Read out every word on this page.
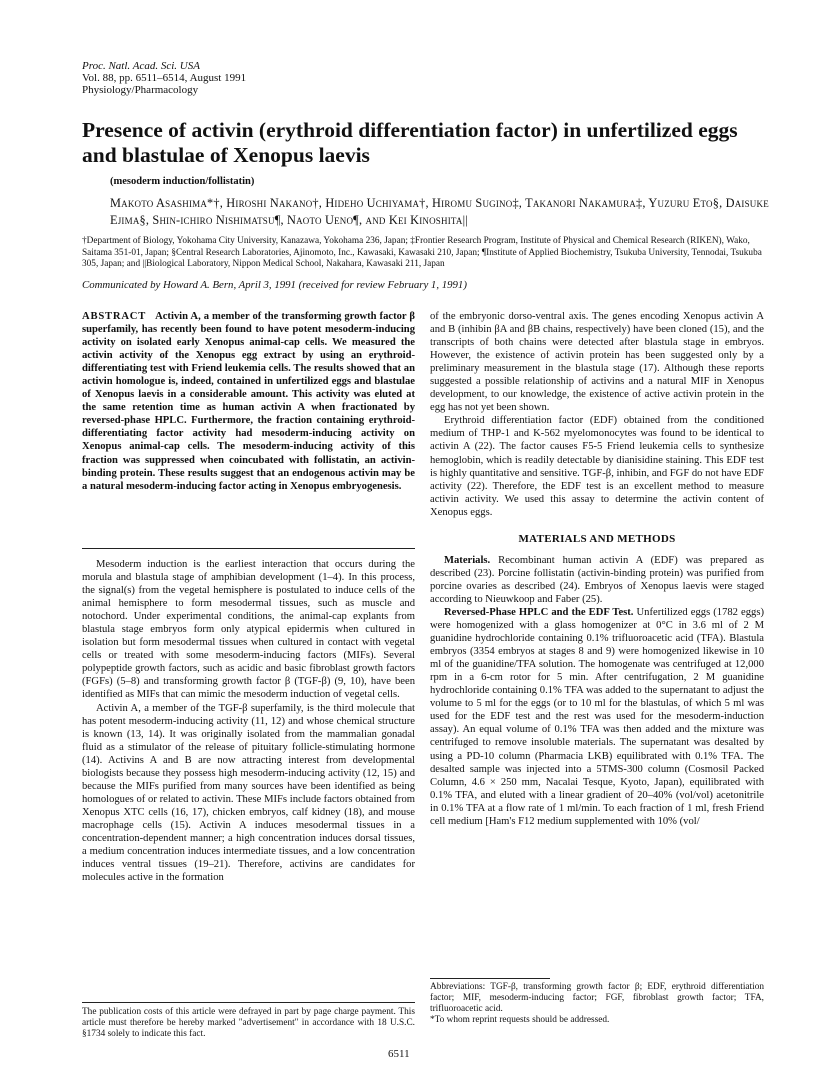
Proc. Natl. Acad. Sci. USA
Vol. 88, pp. 6511–6514, August 1991
Physiology/Pharmacology
Presence of activin (erythroid differentiation factor) in unfertilized eggs and blastulae of Xenopus laevis
(mesoderm induction/follistatin)
Makoto Asashima*†, Hiroshi Nakano†, Hideho Uchiyama†, Hiromu Sugino‡, Takanori Nakamura‡, Yuzuru Eto§, Daisuke Ejima§, Shin-ichiro Nishimatsu¶, Naoto Ueno¶, and Kei Kinoshita||
†Department of Biology, Yokohama City University, Kanazawa, Yokohama 236, Japan; ‡Frontier Research Program, Institute of Physical and Chemical Research (RIKEN), Wako, Saitama 351-01, Japan; §Central Research Laboratories, Ajinomoto, Inc., Kawasaki, Kawasaki 210, Japan; ¶Institute of Applied Biochemistry, Tsukuba University, Tennodai, Tsukuba 305, Japan; and ||Biological Laboratory, Nippon Medical School, Nakahara, Kawasaki 211, Japan
Communicated by Howard A. Bern, April 3, 1991 (received for review February 1, 1991)

ABSTRACT Activin A, a member of the transforming growth factor β superfamily, has recently been found to have potent mesoderm-inducing activity on isolated early Xenopus animal-cap cells. We measured the activin activity of the Xenopus egg extract by using an erythroid-differentiating test with Friend leukemia cells. The results showed that an activin homologue is, indeed, contained in unfertilized eggs and blastulae of Xenopus laevis in a considerable amount. This activity was eluted at the same retention time as human activin A when fractionated by reversed-phase HPLC. Furthermore, the fraction containing erythroid-differentiating factor activity had mesoderm-inducing activity on Xenopus animal-cap cells. The mesoderm-inducing activity of this fraction was suppressed when coincubated with follistatin, an activin-binding protein. These results suggest that an endogenous activin may be a natural mesoderm-inducing factor acting in Xenopus embryogenesis.

Mesoderm induction is the earliest interaction that occurs during the morula and blastula stage of amphibian development (1–4). In this process, the signal(s) from the vegetal hemisphere is postulated to induce cells of the animal hemisphere to form mesodermal tissues, such as muscle and notochord. Under experimental conditions, the animal-cap explants from blastula stage embryos form only atypical epidermis when cultured in isolation but form mesodermal tissues when cultured in contact with vegetal cells or treated with some mesoderm-inducing factors (MIFs). Several polypeptide growth factors, such as acidic and basic fibroblast growth factors (FGFs) (5–8) and transforming growth factor β (TGF-β) (9, 10), have been identified as MIFs that can mimic the mesoderm induction of vegetal cells.

Activin A, a member of the TGF-β superfamily, is the third molecule that has potent mesoderm-inducing activity (11, 12) and whose chemical structure is known (13, 14). It was originally isolated from the mammalian gonadal fluid as a stimulator of the release of pituitary follicle-stimulating hormone (14). Activins A and B are now attracting interest from developmental biologists because they possess high mesoderm-inducing activity (12, 15) and because the MIFs purified from many sources have been identified as being homologues of or related to activin. These MIFs include factors obtained from Xenopus XTC cells (16, 17), chicken embryos, calf kidney (18), and mouse macrophage cells (15). Activin A induces mesodermal tissues in a concentration-dependent manner; a high concentration induces dorsal tissues, a medium concentration induces intermediate tissues, and a low concentration induces ventral tissues (19–21). Therefore, activins are candidates for molecules active in the formation

of the embryonic dorso-ventral axis. The genes encoding Xenopus activin A and B (inhibin βA and βB chains, respectively) have been cloned (15), and the transcripts of both chains were detected after blastula stage in embryos. However, the existence of activin protein has been suggested only by a preliminary measurement in the blastula stage (17). Although these reports suggested a possible relationship of activins and a natural MIF in Xenopus development, to our knowledge, the existence of active activin protein in the egg has not yet been shown.

Erythroid differentiation factor (EDF) obtained from the conditioned medium of THP-1 and K-562 myelomonocytes was found to be identical to activin A (22). The factor causes F5-5 Friend leukemia cells to synthesize hemoglobin, which is readily detectable by dianisidine staining. This EDF test is highly quantitative and sensitive. TGF-β, inhibin, and FGF do not have EDF activity (22). Therefore, the EDF test is an excellent method to measure activin activity. We used this assay to determine the activin content of Xenopus eggs.

MATERIALS AND METHODS

Materials. Recombinant human activin A (EDF) was prepared as described (23). Porcine follistatin (activin-binding protein) was purified from porcine ovaries as described (24). Embryos of Xenopus laevis were staged according to Nieuwkoop and Faber (25).

Reversed-Phase HPLC and the EDF Test. Unfertilized eggs (1782 eggs) were homogenized with a glass homogenizer at 0°C in 3.6 ml of 2 M guanidine hydrochloride containing 0.1% trifluoroacetic acid (TFA). Blastula embryos (3354 embryos at stages 8 and 9) were homogenized likewise in 10 ml of the guanidine/TFA solution. The homogenate was centrifuged at 12,000 rpm in a 6-cm rotor for 5 min. After centrifugation, 2 M guanidine hydrochloride containing 0.1% TFA was added to the supernatant to adjust the volume to 5 ml for the eggs (or to 10 ml for the blastulas, of which 5 ml was used for the EDF test and the rest was used for the mesoderm-induction assay). An equal volume of 0.1% TFA was then added and the mixture was centrifuged to remove insoluble materials. The supernatant was desalted by using a PD-10 column (Pharmacia LKB) equilibrated with 0.1% TFA. The desalted sample was injected into a 5TMS-300 column (Cosmosil Packed Column, 4.6 × 250 mm, Nacalai Tesque, Kyoto, Japan), equilibrated with 0.1% TFA, and eluted with a linear gradient of 20–40% (vol/vol) acetonitrile in 0.1% TFA at a flow rate of 1 ml/min. To each fraction of 1 ml, fresh Friend cell medium [Ham's F12 medium supplemented with 10% (vol/

The publication costs of this article were defrayed in part by page charge payment. This article must therefore be hereby marked "advertisement" in accordance with 18 U.S.C. §1734 solely to indicate this fact.
Abbreviations: TGF-β, transforming growth factor β; EDF, erythroid differentiation factor; MIF, mesoderm-inducing factor; FGF, fibroblast growth factor; TFA, trifluoroacetic acid.
*To whom reprint requests should be addressed.
6511
